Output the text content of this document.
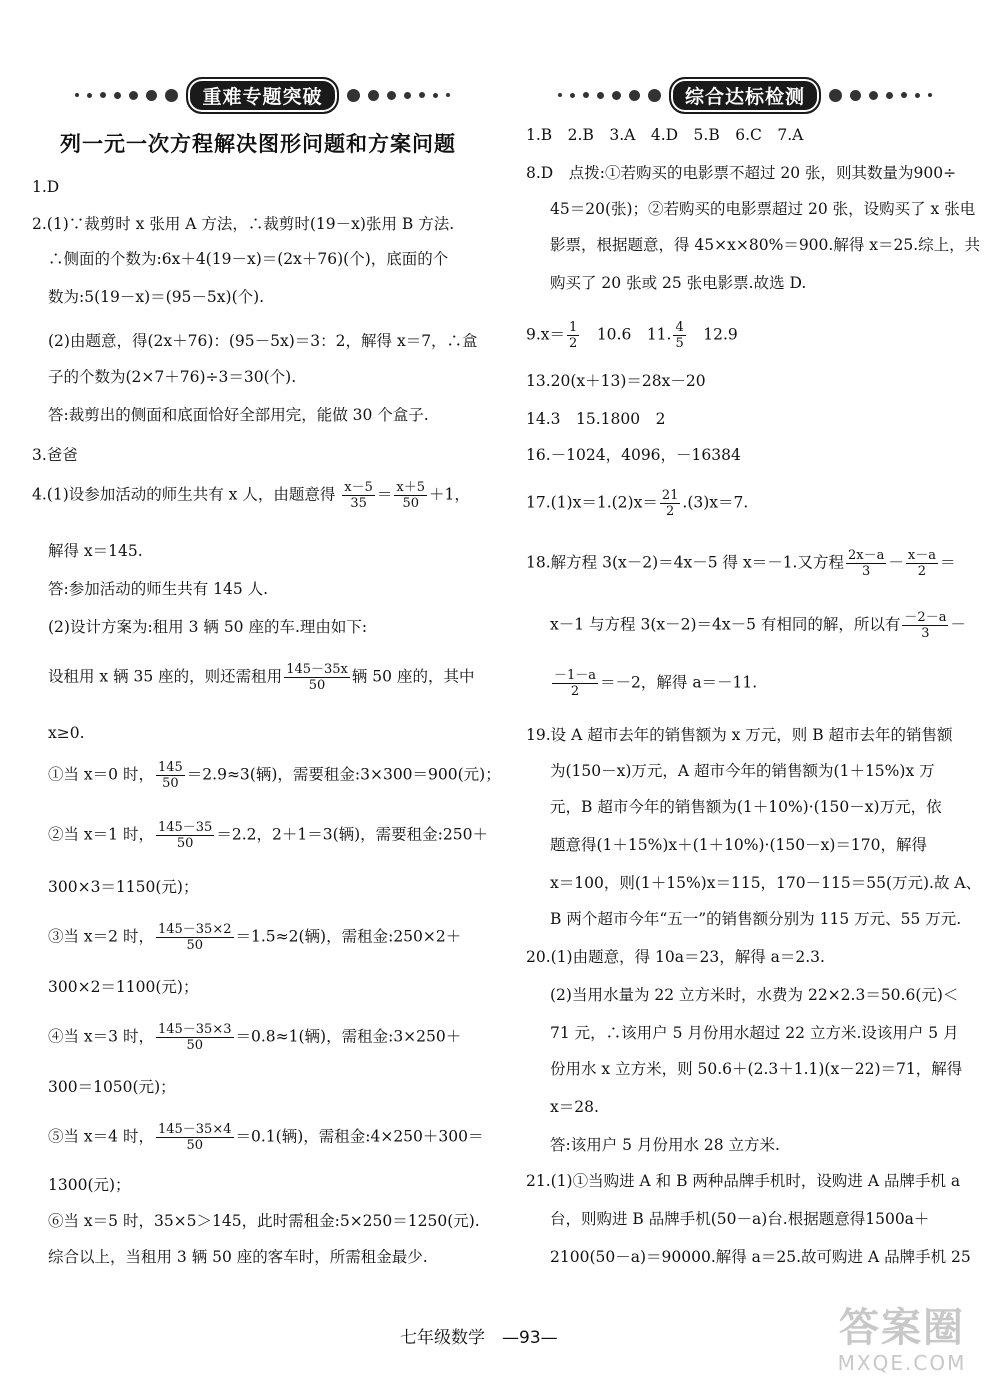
重难专题突破	综合达标检测
列一元一次方程解决图形问题和方案问题
1.D
2.(1)∵裁剪时 x 张用 A 方法，∴裁剪时(19－x)张用 B 方法.
∴侧面的个数为:6x＋4(19－x)＝(2x＋76)(个)，底面的个
数为:5(19－x)＝(95－5x)(个).
(2)由题意，得(2x＋76)：(95－5x)＝3：2，解得 x＝7，∴盒
子的个数为(2×7＋76)÷3＝30(个).
答:裁剪出的侧面和底面恰好全部用完，能做 30 个盒子.
3.爸爸
4.(1)设参加活动的师生共有 x 人，由题意得 $\frac{x-5}{35} = \frac{x+5}{50} +1$，
解得 x＝145.
答:参加活动的师生共有 145 人.
(2)设计方案为:租用 3 辆 50 座的车.理由如下:
设租用 x 辆 35 座的，则还需租用 $\frac{145-35x}{50}$ 辆 50 座的，其中
x≥0.
①当 x＝0 时， $\frac{145}{50} =2.9\approx 3$(辆)，需要租金:3×300＝900(元)；
②当 x＝1 时， $\frac{145-35}{50} =2.2$，2＋1＝3(辆)，需要租金:250＋
300×3＝1150(元)；
③当 x＝2 时， $\frac{145-35\times 2}{50} =1.5\approx 2$(辆)，需租金:250×2＋
300×2＝1100(元)；
④当 x＝3 时， $\frac{145-35\times 3}{50} =0.8\approx 1$(辆)，需租金:3×250＋
300＝1050(元)；
⑤当 x＝4 时， $\frac{145-35\times 4}{50} =0.1$(辆)，需租金:4×250＋300＝
1300(元)；
⑥当 x＝5 时，35×5＞145，此时需租金:5×250＝1250(元).
综合以上，当租用 3 辆 50 座的客车时，所需租金最少.
1.B　2.B　3.A　4.D　5.B　6.C　7.A
8.D　点拨:①若购买的电影票不超过 20 张，则其数量为900÷
45＝20(张)；②若购买的电影票超过 20 张，设购买了 x 张电
影票，根据题意，得 45×x×80%＝900.解得 x＝25.综上，共
购买了 20 张或 25 张电影票.故选 D.
$9.x= \frac{1}{2}$ 　10.6　11. $\frac{4}{5}$ 　12.9
13.20(x＋13)＝28x－20
14.3　15.1800　2
16.－1024，4096，－16384
$17.(1)x=1.(2)x= \frac{21}{2} .(3)x=7$.
18.解方程 3(x－2)＝4x－5 得 x＝－1.又方程 $\frac{2x-a}{3} - \frac{x-a}{2}$ ＝
x－1 与方程 3(x－2)＝4x－5 有相同的解，所以有 $\frac{-2-a}{3}$ －
$\frac{-1-a}{2} =-2$，解得 a＝－11.
19.设 A 超市去年的销售额为 x 万元，则 B 超市去年的销售额
为(150－x)万元，A 超市今年的销售额为(1＋15%)x 万
元，B 超市今年的销售额为(1＋10%)·(150－x)万元，依
题意得(1＋15%)x＋(1＋10%)·(150－x)＝170，解得
x＝100，则(1＋15%)x＝115，170－115＝55(万元).故 A、
B 两个超市今年“五一”的销售额分别为 115 万元、55 万元.
20.(1)由题意，得 10a＝23，解得 a＝2.3.
(2)当用水量为 22 立方米时，水费为 22×2.3＝50.6(元)＜
71 元，∴该用户 5 月份用水超过 22 立方米.设该用户 5 月
份用水 x 立方米，则 50.6＋(2.3＋1.1)(x－22)＝71，解得
x＝28.
答:该用户 5 月份用水 28 立方米.
21.(1)①当购进 A 和 B 两种品牌手机时，设购进 A 品牌手机 a
台，则购进 B 品牌手机(50－a)台.根据题意得1500a＋
2100(50－a)＝90000.解得 a＝25.故可购进 A 品牌手机 25
七年级数学　—93—	答案圈
MXQE.COM
